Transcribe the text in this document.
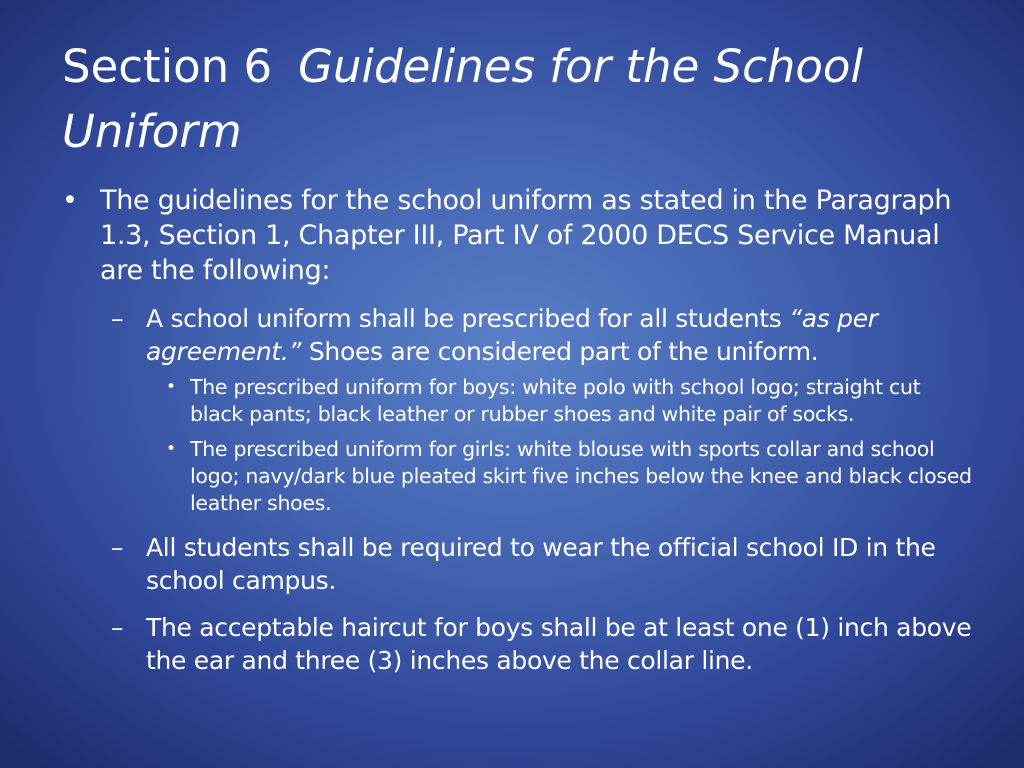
Section 6 Guidelines for the School Uniform
• The guidelines for the school uniform as stated in the Paragraph 1.3, Section 1, Chapter III, Part IV of 2000 DECS Service Manual are the following:
– A school uniform shall be prescribed for all students “as per agreement.” Shoes are considered part of the uniform.
• The prescribed uniform for boys: white polo with school logo; straight cut black pants; black leather or rubber shoes and white pair of socks.
• The prescribed uniform for girls: white blouse with sports collar and school logo; navy/dark blue pleated skirt five inches below the knee and black closed leather shoes.
– All students shall be required to wear the official school ID in the school campus.
– The acceptable haircut for boys shall be at least one (1) inch above the ear and three (3) inches above the collar line.
